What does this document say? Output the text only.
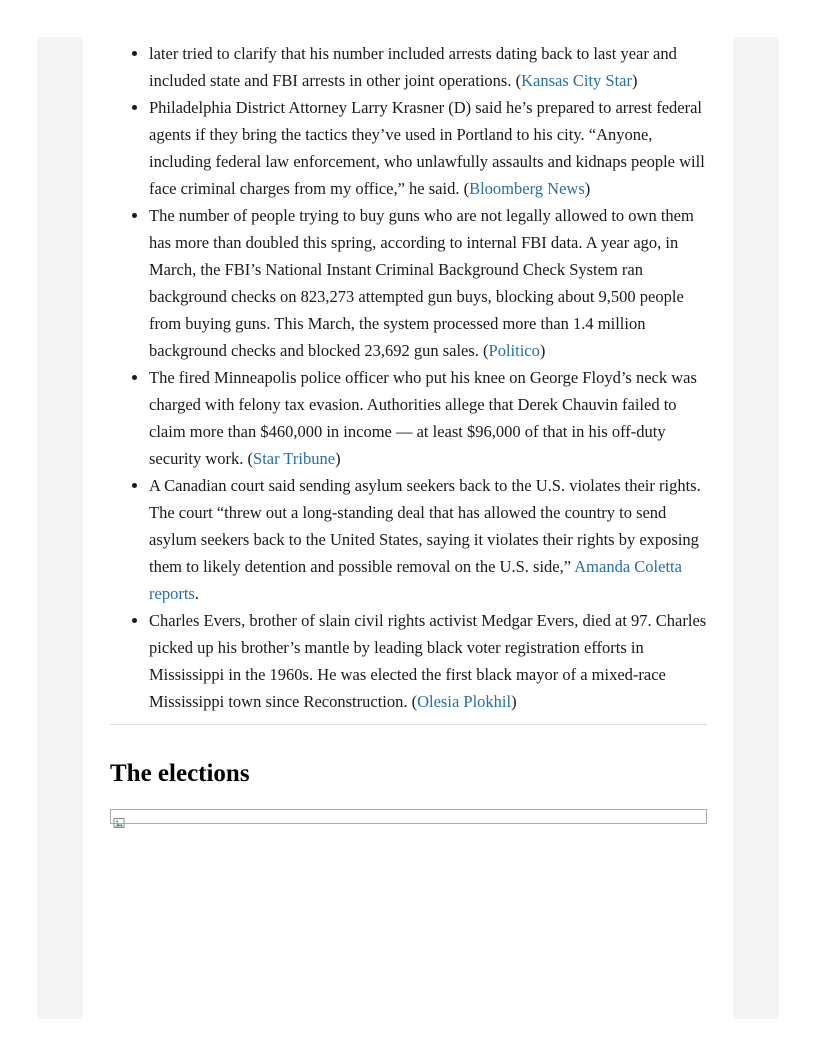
• later tried to clarify that his number included arrests dating back to last year and included state and FBI arrests in other joint operations. (Kansas City Star)
• Philadelphia District Attorney Larry Krasner (D) said he’s prepared to arrest federal agents if they bring the tactics they’ve used in Portland to his city. “Anyone, including federal law enforcement, who unlawfully assaults and kidnaps people will face criminal charges from my office,” he said. (Bloomberg News)
• The number of people trying to buy guns who are not legally allowed to own them has more than doubled this spring, according to internal FBI data. A year ago, in March, the FBI’s National Instant Criminal Background Check System ran background checks on 823,273 attempted gun buys, blocking about 9,500 people from buying guns. This March, the system processed more than 1.4 million background checks and blocked 23,692 gun sales. (Politico)
• The fired Minneapolis police officer who put his knee on George Floyd’s neck was charged with felony tax evasion. Authorities allege that Derek Chauvin failed to claim more than $460,000 in income — at least $96,000 of that in his off-duty security work. (Star Tribune)
• A Canadian court said sending asylum seekers back to the U.S. violates their rights. The court “threw out a long-standing deal that has allowed the country to send asylum seekers back to the United States, saying it violates their rights by exposing them to likely detention and possible removal on the U.S. side,” Amanda Coletta reports.
• Charles Evers, brother of slain civil rights activist Medgar Evers, died at 97. Charles picked up his brother’s mantle by leading black voter registration efforts in Mississippi in the 1960s. He was elected the first black mayor of a mixed-race Mississippi town since Reconstruction. (Olesia Plokhil)
The elections
